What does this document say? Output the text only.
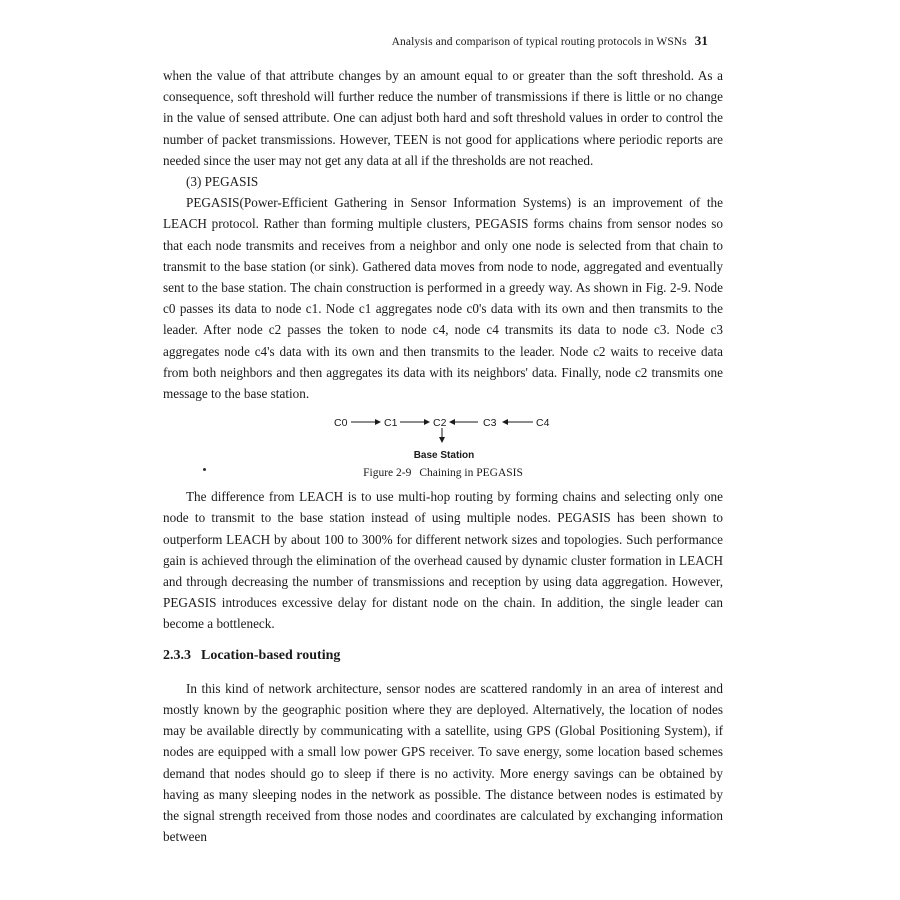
Analysis and comparison of typical routing protocols in WSNs 31

when the value of that attribute changes by an amount equal to or greater than the soft threshold. As a consequence, soft threshold will further reduce the number of transmissions if there is little or no change in the value of sensed attribute. One can adjust both hard and soft threshold values in order to control the number of packet transmissions. However, TEEN is not good for applications where periodic reports are needed since the user may not get any data at all if the thresholds are not reached.

(3) PEGASIS

PEGASIS(Power-Efficient Gathering in Sensor Information Systems) is an improvement of the LEACH protocol. Rather than forming multiple clusters, PEGASIS forms chains from sensor nodes so that each node transmits and receives from a neighbor and only one node is selected from that chain to transmit to the base station (or sink). Gathered data moves from node to node, aggregated and eventually sent to the base station. The chain construction is performed in a greedy way. As shown in Fig. 2-9. Node c0 passes its data to node c1. Node c1 aggregates node c0's data with its own and then transmits to the leader. After node c2 passes the token to node c4, node c4 transmits its data to node c3. Node c3 aggregates node c4's data with its own and then transmits to the leader. Node c2 waits to receive data from both neighbors and then aggregates its data with its neighbors' data. Finally, node c2 transmits one message to the base station.

C0	C1	C2	C3	C4
Base Station
Figure 2-9 Chaining in PEGASIS

The difference from LEACH is to use multi-hop routing by forming chains and selecting only one node to transmit to the base station instead of using multiple nodes. PEGASIS has been shown to outperform LEACH by about 100 to 300% for different network sizes and topologies. Such performance gain is achieved through the elimination of the overhead caused by dynamic cluster formation in LEACH and through decreasing the number of transmissions and reception by using data aggregation. However, PEGASIS introduces excessive delay for distant node on the chain. In addition, the single leader can become a bottleneck.

2.3.3 Location-based routing

In this kind of network architecture, sensor nodes are scattered randomly in an area of interest and mostly known by the geographic position where they are deployed. Alternatively, the location of nodes may be available directly by communicating with a satellite, using GPS (Global Positioning System), if nodes are equipped with a small low power GPS receiver. To save energy, some location based schemes demand that nodes should go to sleep if there is no activity. More energy savings can be obtained by having as many sleeping nodes in the network as possible. The distance between nodes is estimated by the signal strength received from those nodes and coordinates are calculated by exchanging information between
